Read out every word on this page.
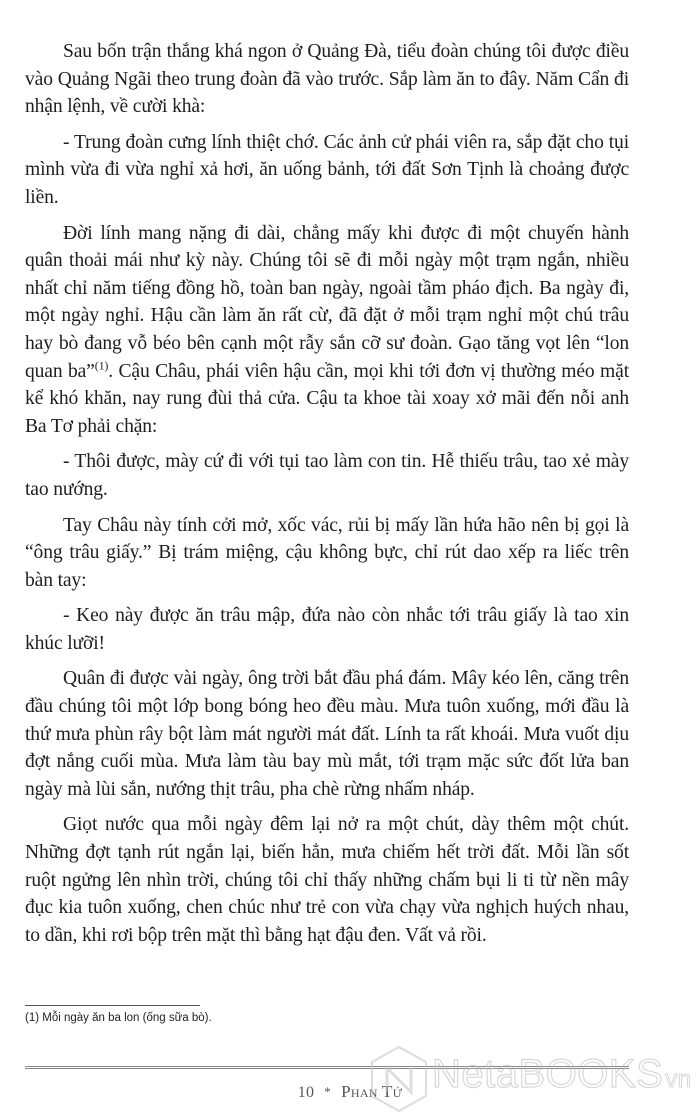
Sau bốn trận thắng khá ngon ở Quảng Đà, tiểu đoàn chúng tôi được điều vào Quảng Ngãi theo trung đoàn đã vào trước. Sắp làm ăn to đây. Năm Cẩn đi nhận lệnh, về cười khà:

- Trung đoàn cưng lính thiệt chớ. Các ảnh cử phái viên ra, sắp đặt cho tụi mình vừa đi vừa nghỉ xả hơi, ăn uống bảnh, tới đất Sơn Tịnh là choảng được liền.

Đời lính mang nặng đi dài, chẳng mấy khi được đi một chuyến hành quân thoải mái như kỳ này. Chúng tôi sẽ đi mỗi ngày một trạm ngắn, nhiều nhất chỉ năm tiếng đồng hồ, toàn ban ngày, ngoài tầm pháo địch. Ba ngày đi, một ngày nghỉ. Hậu cần làm ăn rất cừ, đã đặt ở mỗi trạm nghỉ một chú trâu hay bò đang vỗ béo bên cạnh một rẫy sắn cỡ sư đoàn. Gạo tăng vọt lên “lon quan ba”$^{(1)}$. Cậu Châu, phái viên hậu cần, mọi khi tới đơn vị thường méo mặt kể khó khăn, nay rung đùi thả cửa. Cậu ta khoe tài xoay xở mãi đến nỗi anh Ba Tơ phải chặn:

- Thôi được, mày cứ đi với tụi tao làm con tin. Hễ thiếu trâu, tao xẻ mày tao nướng.

Tay Châu này tính cởi mở, xốc vác, rủi bị mấy lần hứa hão nên bị gọi là “ông trâu giấy.” Bị trám miệng, cậu không bực, chỉ rút dao xếp ra liếc trên bàn tay:

- Keo này được ăn trâu mập, đứa nào còn nhắc tới trâu giấy là tao xin khúc lưỡi!

Quân đi được vài ngày, ông trời bắt đầu phá đám. Mây kéo lên, căng trên đầu chúng tôi một lớp bong bóng heo đều màu. Mưa tuôn xuống, mới đầu là thứ mưa phùn rây bột làm mát người mát đất. Lính ta rất khoái. Mưa vuốt dịu đợt nắng cuối mùa. Mưa làm tàu bay mù mắt, tới trạm mặc sức đốt lửa ban ngày mà lùi sắn, nướng thịt trâu, pha chè rừng nhấm nháp.

Giọt nước qua mỗi ngày đêm lại nở ra một chút, dày thêm một chút. Những đợt tạnh rút ngắn lại, biến hẳn, mưa chiếm hết trời đất. Mỗi lần sốt ruột ngửng lên nhìn trời, chúng tôi chỉ thấy những chấm bụi li ti từ nền mây đục kia tuôn xuống, chen chúc như trẻ con vừa chạy vừa nghịch huých nhau, to dần, khi rơi bộp trên mặt thì bằng hạt đậu đen. Vất vả rồi.

(1) Mỗi ngày ăn ba lon (ống sữa bò).
10 * Phan Tứ NetaBOOKSvn
